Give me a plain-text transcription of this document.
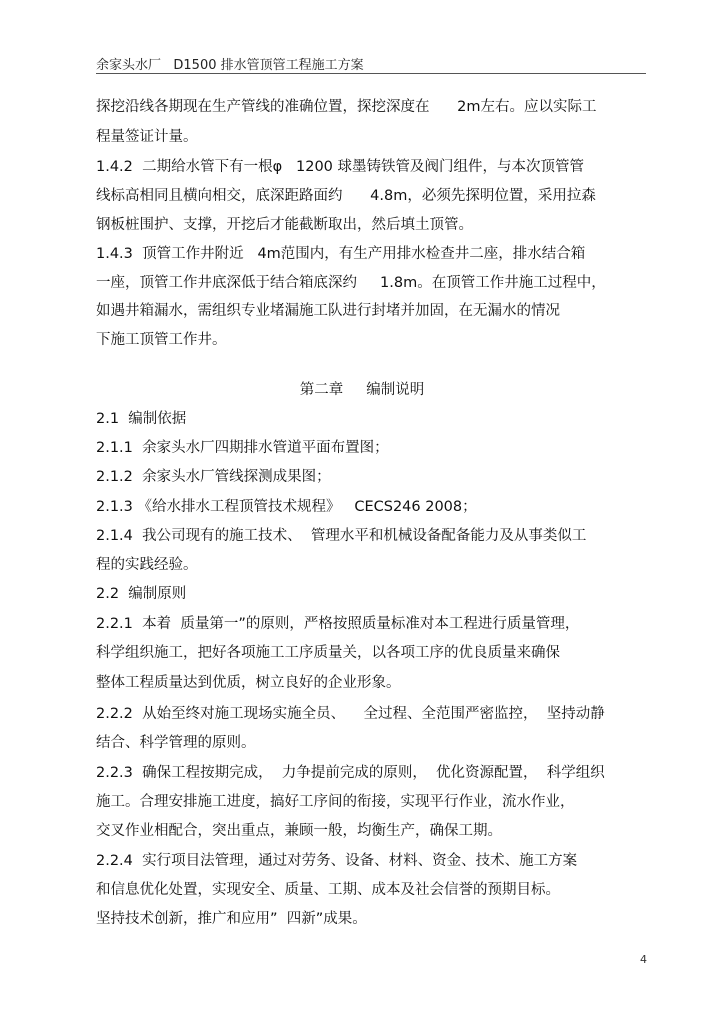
余家头水厂   D1500 排水管顶管工程施工方案
探挖沿线各期现在生产管线的准确位置，探挖深度在      2m左右。应以实际工
程量签证计量。
1.4.2  二期给水管下有一根φ   1200 球墨铸铁管及阀门组件，与本次顶管管
线标高相同且横向相交，底深距路面约      4.8m，必须先探明位置，采用拉森
钢板桩围护、支撑，开挖后才能截断取出，然后填土顶管。
1.4.3  顶管工作井附近   4m范围内，有生产用排水检查井二座，排水结合箱
一座，顶管工作井底深低于结合箱底深约     1.8m。在顶管工作井施工过程中，
如遇井箱漏水，需组织专业堵漏施工队进行封堵并加固，在无漏水的情况
下施工顶管工作井。
第二章     编制说明
2.1  编制依据
2.1.1  余家头水厂四期排水管道平面布置图；
2.1.2  余家头水厂管线探测成果图；
2.1.3 《给水排水工程顶管技术规程》   CECS246 2008；
2.1.4  我公司现有的施工技术、  管理水平和机械设备配备能力及从事类似工
程的实践经验。
2.2  编制原则
2.2.1  本着  质量第一”的原则，严格按照质量标准对本工程进行质量管理，
科学组织施工，把好各项施工工序质量关，以各项工序的优良质量来确保
整体工程质量达到优质，树立良好的企业形象。
2.2.2  从始至终对施工现场实施全员、    全过程、全范围严密监控，  坚持动静
结合、科学管理的原则。
2.2.3  确保工程按期完成，  力争提前完成的原则，  优化资源配置，  科学组织
施工。合理安排施工进度，搞好工序间的衔接，实现平行作业，流水作业，
交叉作业相配合，突出重点，兼顾一般，均衡生产，确保工期。
2.2.4  实行项目法管理，通过对劳务、设备、材料、资金、技术、施工方案
和信息优化处置，实现安全、质量、工期、成本及社会信誉的预期目标。
坚持技术创新，推广和应用”  四新”成果。
4
